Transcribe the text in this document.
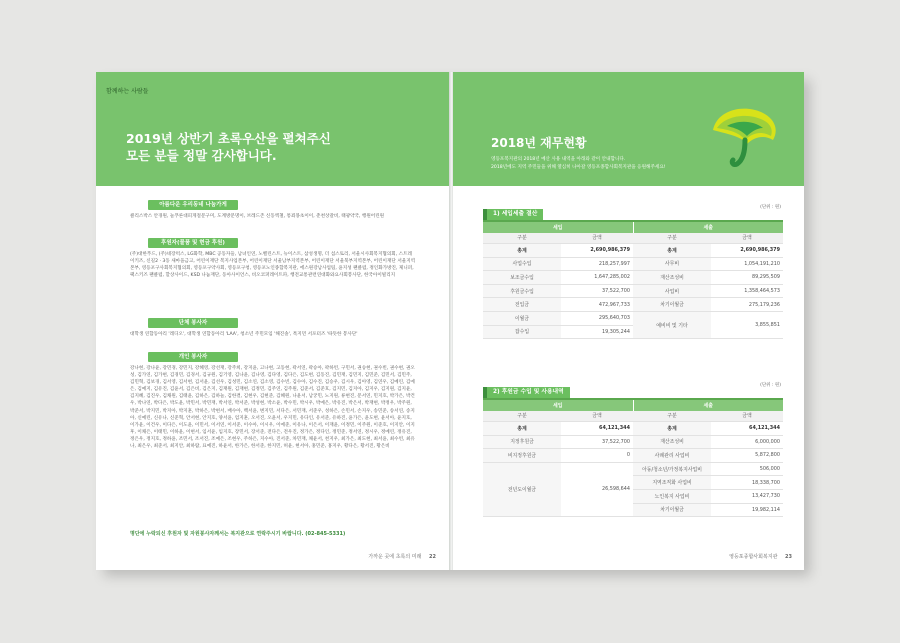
함께하는 사람들
2019년 상반기 초록우산을 펼쳐주신
모든 분들 정말 감사합니다.
아름다운 우리동네 나눔가게
클리스박스 안경원, 늘푸른대피게절문구미, 도계방문명이, 브레드존 신동엑철, 통죄몽초이이, 춘천상갈비, 태광약국, 행원어린원
후원자(물품 및 현금 후원)
(주)대한푸드, (주)네장퍽스, LG화학, MBC 공동자들, 남녀인연, 노벨린스트, 뉴이스트, 삼성생명, 더 섬스토리, 서울시사회복지협의회, 스트레이키즈, 신길2 · 3동 새마을금고, 어린이재단 복지사업본부, 어린이재단 서울남부지역본부, 어린이재단 서울북부지역본부, 어린이재단 서울지역본부, 영등포구사회복지협의회, 영등포구약사회, 영등포구청, 영등포노인종합복지관, 에스원강남사업팀, 윤지성 팬클럽, 정인화가방진, 제니퍼, 팩스키즈 팬클럽, 할상사이드, KSD 나눔재단, 동아사이언스, 비오코퍼레이트파, 행전교통관련연대화와요사회봉사단, 한국아이빌리지
단체 봉사자
대학생 연합동아리 '레디오', 대학생 연합동아리 'LAA', 청소년 주민모임 '해진솔', 톡지먼 서포터즈 '따뜻한 봉사단'
개인 봉사자
강나현, 강나윤, 강민경, 강민지, 강혜영, 강선재, 강주희, 강지윤, 고나현, 고동현, 곽서연, 곽승아, 곽하빈, 구민서, 권승현, 권수빈, 권수현, 권오성, 김가연, 김가현, 김경민, 김경서, 김규원, 김기영, 김나윤, 김나영, 김다영, 김다은, 김도현, 김동진, 김민재, 김민지, 김민준, 김민서, 김민주, 김민혁, 김보경, 김서영, 김서현, 김서윤, 김선우, 김성민, 김소연, 김소영, 김수빈, 김수아, 김수진, 김승우, 김시우, 김아영, 김연우, 김예린, 김예은, 김예지, 김유진, 김윤서, 김은비, 김은지, 김재원, 김재현, 김정민, 김주연, 김주원, 김준서, 김준호, 김지민, 김지아, 김지우, 김지원, 김지윤, 김지혜, 김진우, 김채원, 김태윤, 김하은, 김하늘, 김한결, 김현우, 김현준, 김혜원, 나윤서, 남궁민, 노지원, 류현진, 문서연, 민지호, 박가은, 박건우, 박나연, 박다은, 박도윤, 박민서, 박민재, 박서연, 박서준, 박성현, 박소윤, 박수민, 박시우, 박예은, 박유진, 박은서, 박재현, 박정우, 박주원, 박준서, 박지민, 박지아, 박지훈, 박하은, 박현서, 배수아, 백서윤, 변지민, 서다은, 서민재, 서준우, 성하은, 손민서, 손지우, 송민준, 송서연, 송지아, 신예린, 신유나, 신준혁, 안서현, 안지호, 양서윤, 엄지훈, 오서진, 오윤서, 우지민, 유다인, 유서준, 유하진, 윤가은, 윤도현, 윤서아, 윤지호, 이가윤, 이건우, 이다은, 이도윤, 이민서, 이서연, 이서준, 이수아, 이시우, 이예준, 이유나, 이은서, 이재윤, 이정민, 이주원, 이준호, 이지안, 이지후, 이채은, 이태민, 이하윤, 이현서, 임서윤, 임지호, 장민서, 장서준, 전다은, 전우진, 정가은, 정다인, 정민준, 정서연, 정시우, 정예린, 정유진, 정은우, 정지호, 정하윤, 조민서, 조서진, 조예은, 조현우, 주하은, 지수아, 진서준, 차민재, 채윤서, 천지우, 최가은, 최도현, 최서윤, 최수빈, 최유나, 최은우, 최준서, 최지안, 최하람, 표예진, 하윤서, 한가은, 한서준, 한지민, 허윤, 현서아, 홍민준, 홍지우, 황다은, 황서진, 황은비
명단에 누락되신 후원자 및 자원봉사자께서는 복지관으로 연락주시기 바랍니다. (02-845-5331)
가까운 곳에 초록의 미래 22
2018년 재무현황
영등포복지관의 2018년 예산 사용 내역을 아래와 같이 안내합니다.
2018년에도 지역 주민들을 위해 열심히 나아갈 영등포종합사회복지관을 응원해주세요!
1) 세입세출 결산
(단위 : 원)
세입		세출	
구분	금액	구분	금액
총계	2,690,986,379	총계	2,690,986,379
사업수입	218,257,997	사무비	1,054,191,210
보조금수입	1,647,285,002	재산조성비	89,295,509
후원금수입	37,522,700	사업비	1,358,464,573
전입금	472,967,733	차기이월금	275,179,236
이월금	295,640,703	예비비 및 기타	3,855,851
잡수입	19,305,244		
2) 후원금 수입 및 사용내역
(단위 : 원)
세입		세출	
구분	금액	구분	금액
총계	64,121,344	총계	64,121,344
지정후원금	37,522,700	재산조성비	6,000,000
비지정후원금	0	사례관리 사업비	5,872,800
전년도이월금	26,598,644	아동/청소년/가정복지사업비	506,000
		지역조직화 사업비	18,338,700
		노인복지 사업비	13,427,730
		차기이월금	19,982,114
영등포종합사회복지관 23
